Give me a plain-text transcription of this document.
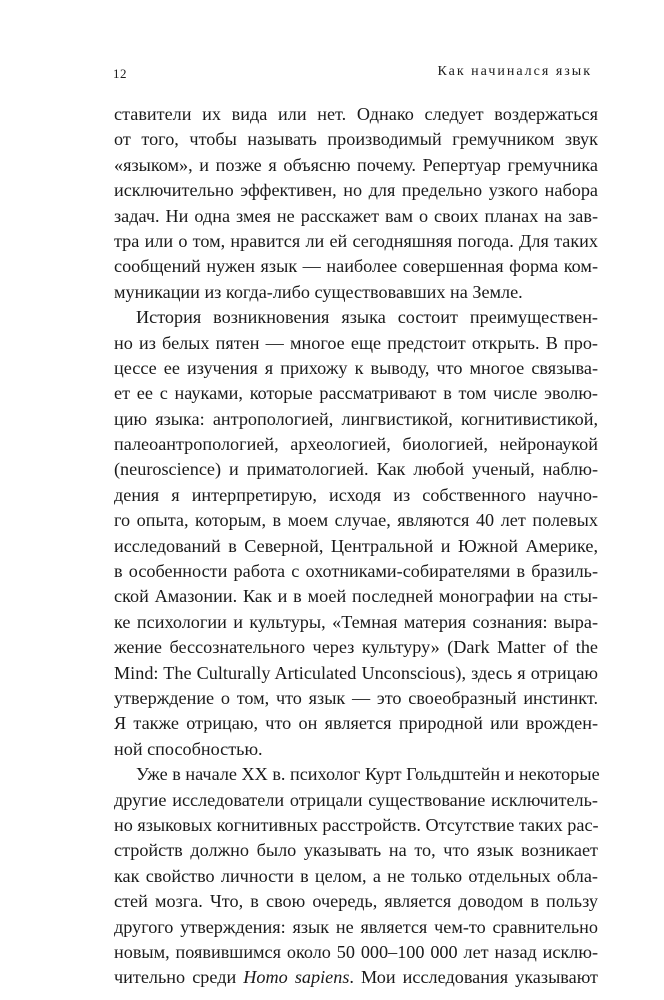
12	Как начинался язык
ставители их вида или нет. Однако следует воздержаться
от того, чтобы называть производимый гремучником звук
«языком», и позже я объясню почему. Репертуар гремучника
исключительно эффективен, но для предельно узкого набора
задач. Ни одна змея не расскажет вам о своих планах на зав-
тра или о том, нравится ли ей сегодняшняя погода. Для таких
сообщений нужен язык — наиболее совершенная форма ком-
муникации из когда-либо существовавших на Земле.
История возникновения языка состоит преимуществен-
но из белых пятен — многое еще предстоит открыть. В про-
цессе ее изучения я прихожу к выводу, что многое связыва-
ет ее с науками, которые рассматривают в том числе эволю-
цию языка: антропологией, лингвистикой, когнитивистикой,
палеоантропологией, археологией, биологией, нейронаукой
(neuroscience) и приматологией. Как любой ученый, наблю-
дения я интерпретирую, исходя из собственного научно-
го опыта, которым, в моем случае, являются 40 лет полевых
исследований в Северной, Центральной и Южной Америке,
в особенности работа с охотниками-собирателями в бразиль-
ской Амазонии. Как и в моей последней монографии на сты-
ке психологии и культуры, «Темная материя сознания: выра-
жение бессознательного через культуру» (Dark Matter of the
Mind: The Culturally Articulated Unconscious), здесь я отрицаю
утверждение о том, что язык — это своеобразный инстинкт.
Я также отрицаю, что он является природной или врожден-
ной способностью.
Уже в начале XX в. психолог Курт Гольдштейн и некоторые
другие исследователи отрицали существование исключитель-
но языковых когнитивных расстройств. Отсутствие таких рас-
стройств должно было указывать на то, что язык возникает
как свойство личности в целом, а не только отдельных обла-
стей мозга. Что, в свою очередь, является доводом в пользу
другого утверждения: язык не является чем-то сравнительно
новым, появившимся около 50 000–100 000 лет назад исклю-
чительно среди Homo sapiens. Мои исследования указывают
